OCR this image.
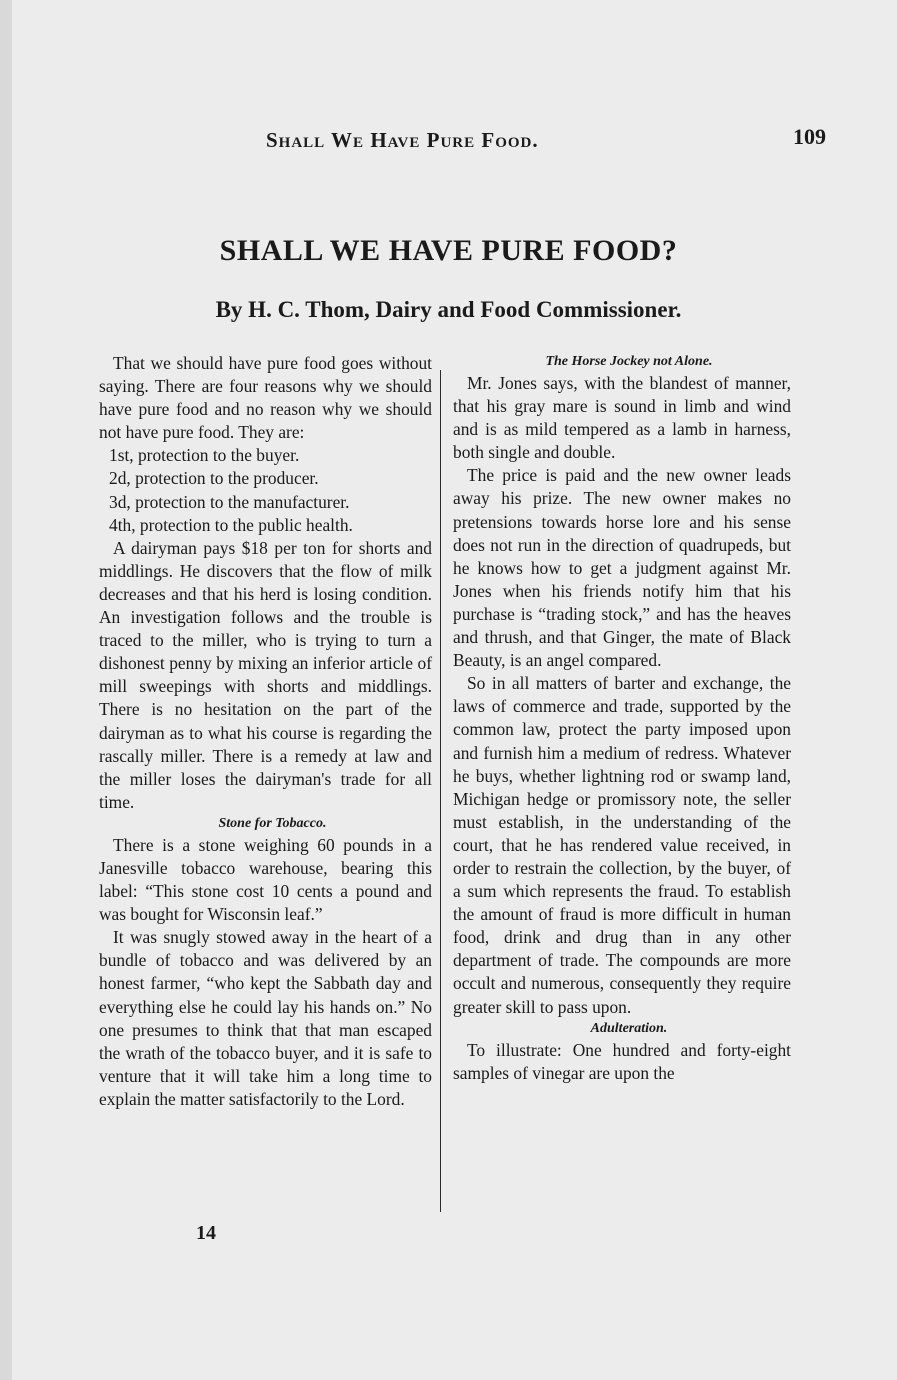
Shall We Have Pure Food.	109
SHALL WE HAVE PURE FOOD?
By H. C. Thom, Dairy and Food Commissioner.

That we should have pure food goes without saying. There are four reasons why we should have pure food and no reason why we should not have pure food. They are:

1st, protection to the buyer.

2d, protection to the producer.

3d, protection to the manufacturer.

4th, protection to the public health.

A dairyman pays $18 per ton for shorts and middlings. He discovers that the flow of milk decreases and that his herd is losing condition. An investigation follows and the trouble is traced to the miller, who is trying to turn a dishonest penny by mixing an inferior article of mill sweepings with shorts and middlings. There is no hesitation on the part of the dairyman as to what his course is regarding the rascally miller. There is a remedy at law and the miller loses the dairyman's trade for all time.

Stone for Tobacco.

There is a stone weighing 60 pounds in a Janesville tobacco warehouse, bearing this label: “This stone cost 10 cents a pound and was bought for Wisconsin leaf.”

It was snugly stowed away in the heart of a bundle of tobacco and was delivered by an honest farmer, “who kept the Sabbath day and everything else he could lay his hands on.” No one presumes to think that that man escaped the wrath of the tobacco buyer, and it is safe to venture that it will take him a long time to explain the matter satisfactorily to the Lord.

The Horse Jockey not Alone.

Mr. Jones says, with the blandest of manner, that his gray mare is sound in limb and wind and is as mild tempered as a lamb in harness, both single and double.

The price is paid and the new owner leads away his prize. The new owner makes no pretensions towards horse lore and his sense does not run in the direction of quadrupeds, but he knows how to get a judgment against Mr. Jones when his friends notify him that his purchase is “trading stock,” and has the heaves and thrush, and that Ginger, the mate of Black Beauty, is an angel compared.

So in all matters of barter and exchange, the laws of commerce and trade, supported by the common law, protect the party imposed upon and furnish him a medium of redress. Whatever he buys, whether lightning rod or swamp land, Michigan hedge or promissory note, the seller must establish, in the understanding of the court, that he has rendered value received, in order to restrain the collection, by the buyer, of a sum which represents the fraud. To establish the amount of fraud is more difficult in human food, drink and drug than in any other department of trade. The compounds are more occult and numerous, consequently they require greater skill to pass upon.

Adulteration.

To illustrate: One hundred and forty-eight samples of vinegar are upon the

14
